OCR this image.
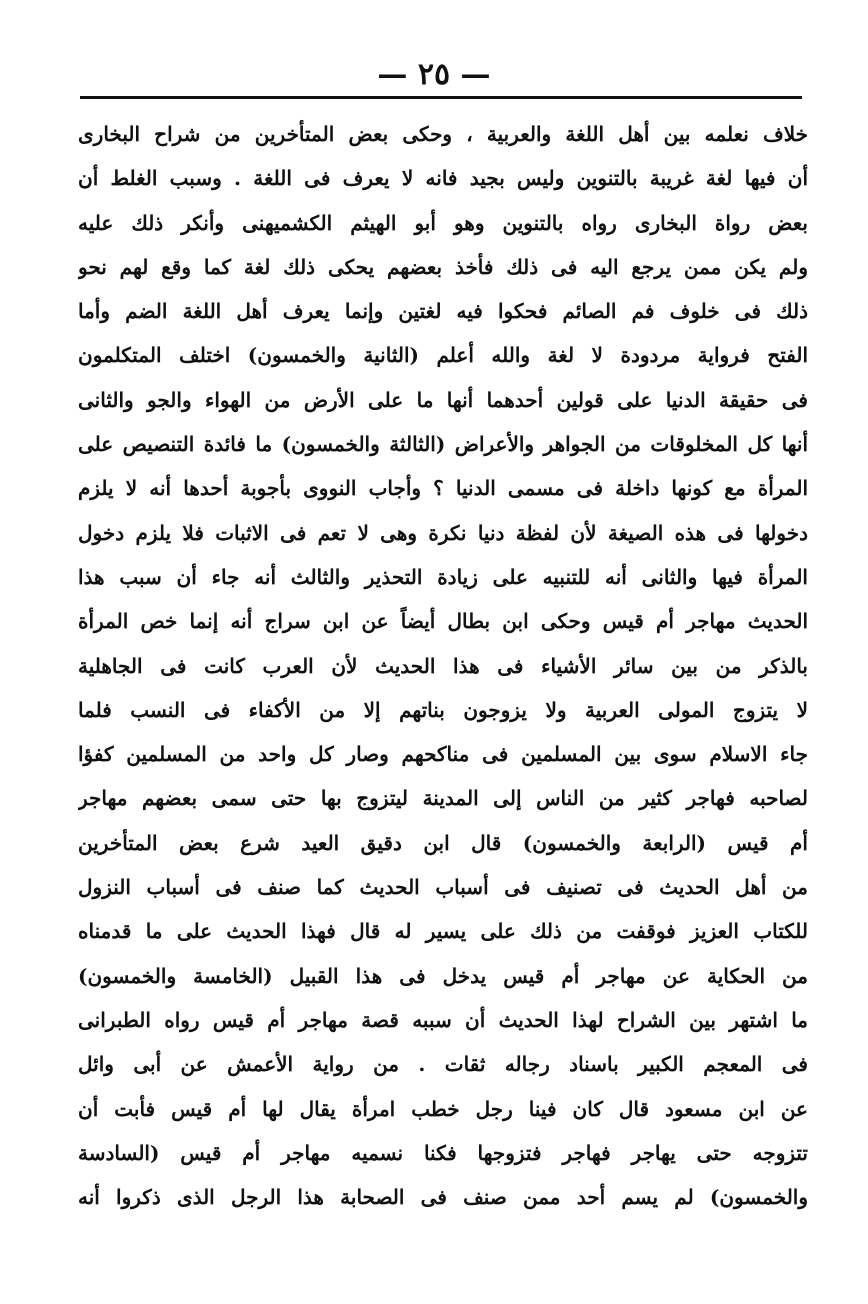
— ٢٥ —
خلاف نعلمه بين أهل اللغة والعربية ، وحكى بعض المتأخرين من شراح البخارى
أن فيها لغة غريبة بالتنوين وليس بجيد فانه لا يعرف فى اللغة . وسبب الغلط أن
بعض رواة البخارى رواه بالتنوين وهو أبو الهيثم الكشميهنى وأنكر ذلك عليه
ولم يكن ممن يرجع اليه فى ذلك فأخذ بعضهم يحكى ذلك لغة كما وقع لهم نحو
ذلك فى خلوف فم الصائم فحكوا فيه لغتين وإنما يعرف أهل اللغة الضم وأما
الفتح فرواية مردودة لا لغة والله أعلم (الثانية والخمسون) اختلف المتكلمون
فى حقيقة الدنيا على قولين أحدهما أنها ما على الأرض من الهواء والجو والثانى
أنها كل المخلوقات من الجواهر والأعراض (الثالثة والخمسون) ما فائدة التنصيص على
المرأة مع كونها داخلة فى مسمى الدنيا ؟ وأجاب النووى بأجوبة أحدها أنه لا يلزم
دخولها فى هذه الصيغة لأن لفظة دنيا نكرة وهى لا تعم فى الاثبات فلا يلزم دخول
المرأة فيها والثانى أنه للتنبيه على زيادة التحذير والثالث أنه جاء أن سبب هذا
الحديث مهاجر أم قيس وحكى ابن بطال أيضاً عن ابن سراج أنه إنما خص المرأة
بالذكر من بين سائر الأشياء فى هذا الحديث لأن العرب كانت فى الجاهلية
لا يتزوج المولى العربية ولا يزوجون بناتهم إلا من الأكفاء فى النسب فلما
جاء الاسلام سوى بين المسلمين فى مناكحهم وصار كل واحد من المسلمين كفؤا
لصاحبه فهاجر كثير من الناس إلى المدينة ليتزوج بها حتى سمى بعضهم مهاجر
أم قيس (الرابعة والخمسون) قال ابن دقيق العيد شرع بعض المتأخرين
من أهل الحديث فى تصنيف فى أسباب الحديث كما صنف فى أسباب النزول
للكتاب العزيز فوقفت من ذلك على يسير له قال فهذا الحديث على ما قدمناه
من الحكاية عن مهاجر أم قيس يدخل فى هذا القبيل (الخامسة والخمسون)
ما اشتهر بين الشراح لهذا الحديث أن سببه قصة مهاجر أم قيس رواه الطبرانى
فى المعجم الكبير باسناد رجاله ثقات . من رواية الأعمش عن أبى وائل
عن ابن مسعود قال كان فينا رجل خطب امرأة يقال لها أم قيس فأبت أن
تتزوجه حتى يهاجر فهاجر فتزوجها فكنا نسميه مهاجر أم قيس (السادسة
والخمسون) لم يسم أحد ممن صنف فى الصحابة هذا الرجل الذى ذكروا أنه
